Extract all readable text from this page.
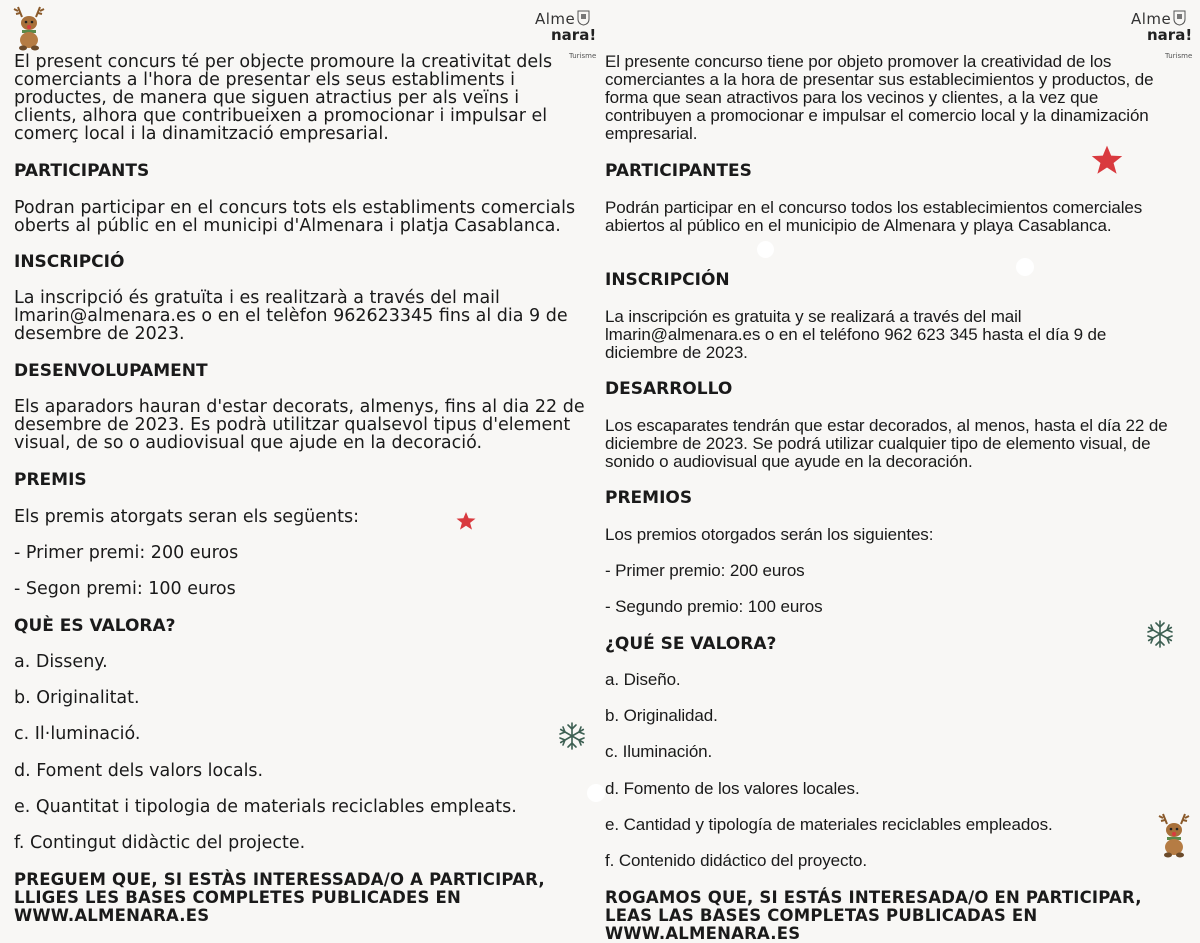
Alme
nara!
Turisme
Alme
nara!
Turisme

El present concurs té per objecte promoure la creativitat dels comerciants a l'hora de presentar els seus establiments i productes, de manera que siguen atractius per als veïns i clients, alhora que contribueixen a promocionar i impulsar el comerç local i la dinamització empresarial.

PARTICIPANTS

Podran participar en el concurs tots els establiments comercials oberts al públic en el municipi d'Almenara i platja Casablanca.

INSCRIPCIÓ

La inscripció és gratuïta i es realitzarà a través del mail lmarin@almenara.es o en el telèfon 962623345 fins al dia 9 de desembre de 2023.

DESENVOLUPAMENT

Els aparadors hauran d'estar decorats, almenys, fins al dia 22 de desembre de 2023. Es podrà utilitzar qualsevol tipus d'element visual, de so o audiovisual que ajude en la decoració.

PREMIS

Els premis atorgats seran els següents:

- Primer premi: 200 euros

- Segon premi: 100 euros

QUÈ ES VALORA?

a. Disseny.

b. Originalitat.

c. Il·luminació.

d. Foment dels valors locals.

e. Quantitat i tipologia de materials reciclables empleats.

f. Contingut didàctic del projecte.

PREGUEM QUE, SI ESTÀS INTERESSADA/O A PARTICIPAR, LLIGES LES BASES COMPLETES PUBLICADES EN WWW.ALMENARA.ES

El presente concurso tiene por objeto promover la creatividad de los comerciantes a la hora de presentar sus establecimientos y productos, de forma que sean atractivos para los vecinos y clientes, a la vez que contribuyen a promocionar e impulsar el comercio local y la dinamización empresarial.

PARTICIPANTES

Podrán participar en el concurso todos los establecimientos comerciales abiertos al público en el municipio de Almenara y playa Casablanca.

INSCRIPCIÓN

La inscripción es gratuita y se realizará a través del mail lmarin@almenara.es o en el teléfono 962 623 345 hasta el día 9 de diciembre de 2023.

DESARROLLO

Los escaparates tendrán que estar decorados, al menos, hasta el día 22 de diciembre de 2023. Se podrá utilizar cualquier tipo de elemento visual, de sonido o audiovisual que ayude en la decoración.

PREMIOS

Los premios otorgados serán los siguientes:

- Primer premio: 200 euros

- Segundo premio: 100 euros

¿QUÉ SE VALORA?

a. Diseño.

b. Originalidad.

c. Iluminación.

d. Fomento de los valores locales.

e. Cantidad y tipología de materiales reciclables empleados.

f. Contenido didáctico del proyecto.

ROGAMOS QUE, SI ESTÁS INTERESADA/O EN PARTICIPAR, LEAS LAS BASES COMPLETAS PUBLICADAS EN WWW.ALMENARA.ES
